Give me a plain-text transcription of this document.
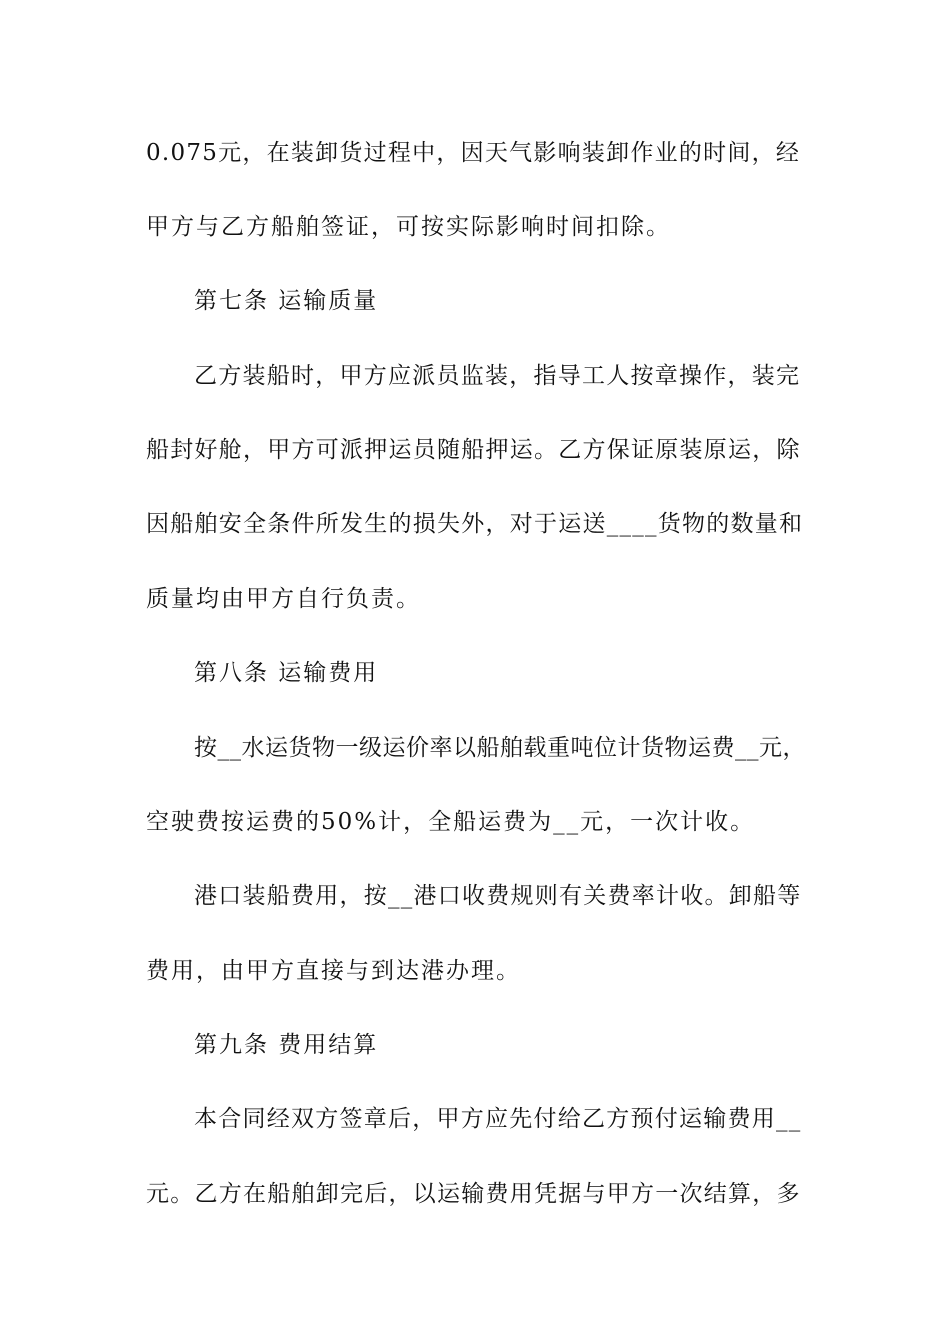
0.075元，在装卸货过程中，因天气影响装卸作业的时间，经
甲方与乙方船舶签证，可按实际影响时间扣除。
第七条 运输质量
乙方装船时，甲方应派员监装，指导工人按章操作，装完
船封好舱，甲方可派押运员随船押运。乙方保证原装原运，除
因船舶安全条件所发生的损失外，对于运送____货物的数量和
质量均由甲方自行负责。
第八条 运输费用
按__水运货物一级运价率以船舶载重吨位计货物运费__元，
空驶费按运费的50%计，全船运费为__元，一次计收。
港口装船费用，按__港口收费规则有关费率计收。卸船等
费用，由甲方直接与到达港办理。
第九条 费用结算
本合同经双方签章后，甲方应先付给乙方预付运输费用__
元。乙方在船舶卸完后，以运输费用凭据与甲方一次结算，多
